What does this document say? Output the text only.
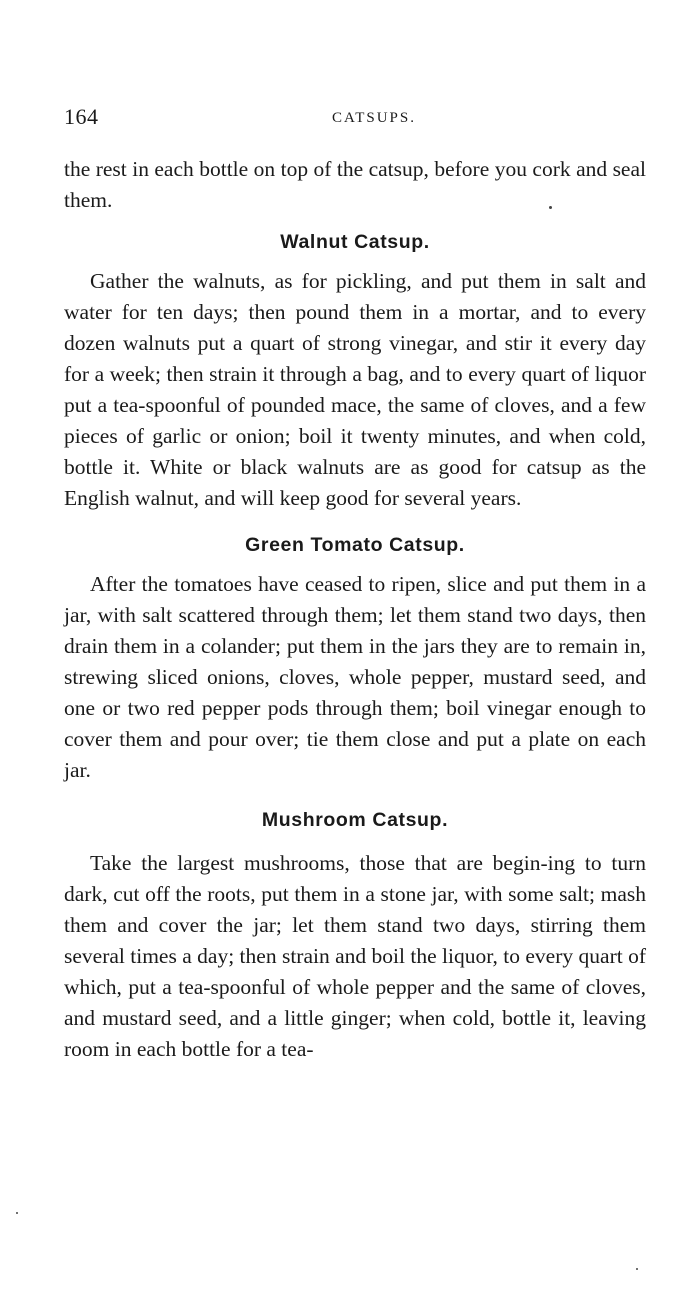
164	CATSUPS.

the rest in each bottle on top of the catsup, before you cork and seal them.

Walnut Catsup.

Gather the walnuts, as for pickling, and put them in salt and water for ten days; then pound them in a mortar, and to every dozen walnuts put a quart of strong vinegar, and stir it every day for a week; then strain it through a bag, and to every quart of liquor put a tea-spoonful of pounded mace, the same of cloves, and a few pieces of garlic or onion; boil it twenty minutes, and when cold, bottle it. White or black walnuts are as good for catsup as the English walnut, and will keep good for several years.

Green Tomato Catsup.

After the tomatoes have ceased to ripen, slice and put them in a jar, with salt scattered through them; let them stand two days, then drain them in a colander; put them in the jars they are to remain in, strewing sliced onions, cloves, whole pepper, mustard seed, and one or two red pepper pods through them; boil vinegar enough to cover them and pour over; tie them close and put a plate on each jar.

Mushroom Catsup.

Take the largest mushrooms, those that are begin-ing to turn dark, cut off the roots, put them in a stone jar, with some salt; mash them and cover the jar; let them stand two days, stirring them several times a day; then strain and boil the liquor, to every quart of which, put a tea-spoonful of whole pepper and the same of cloves, and mustard seed, and a little ginger; when cold, bottle it, leaving room in each bottle for a tea-
